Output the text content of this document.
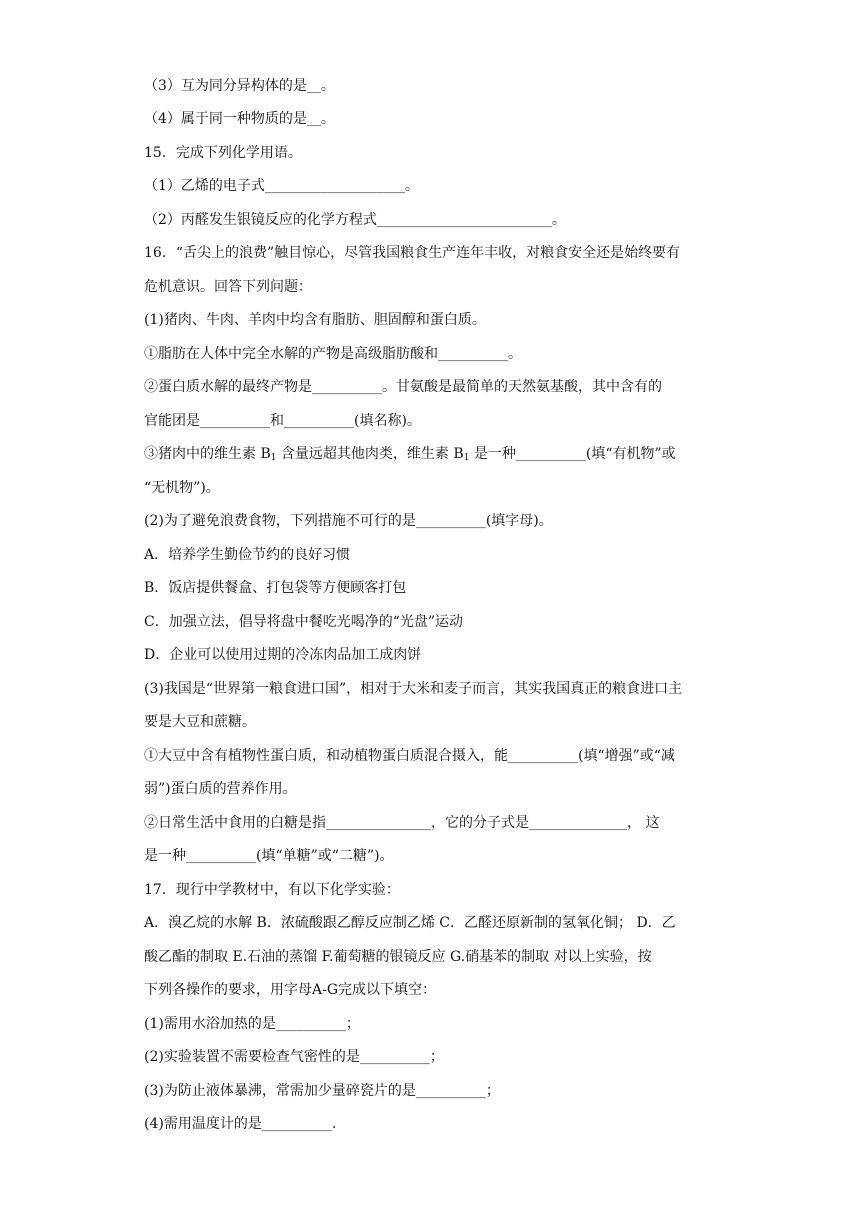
（3）互为同分异构体的是__。
（4）属于同一种物质的是__。
15．完成下列化学用语。
（1）乙烯的电子式____________________。
（2）丙醛发生银镜反应的化学方程式_________________________。
16．“舌尖上的浪费”触目惊心，尽管我国粮食生产连年丰收，对粮食安全还是始终要有
危机意识。回答下列问题：
(1)猪肉、牛肉、羊肉中均含有脂肪、胆固醇和蛋白质。
①脂肪在人体中完全水解的产物是高级脂肪酸和__________。
②蛋白质水解的最终产物是__________。甘氨酸是最简单的天然氨基酸，其中含有的
官能团是__________和__________(填名称)。
③猪肉中的维生素 $B_1$ 含量远超其他肉类，维生素 $B_1$ 是一种__________(填“有机物”或
“无机物”)。
(2)为了避免浪费食物，下列措施不可行的是__________(填字母)。
A．培养学生勤俭节约的良好习惯
B．饭店提供餐盒、打包袋等方便顾客打包
C．加强立法，倡导将盘中餐吃光喝净的“光盘”运动
D．企业可以使用过期的冷冻肉品加工成肉饼
(3)我国是“世界第一粮食进口国”，相对于大米和麦子而言，其实我国真正的粮食进口主
要是大豆和蔗糖。
①大豆中含有植物性蛋白质，和动植物蛋白质混合摄入，能__________(填“增强”或“减
弱”)蛋白质的营养作用。
②日常生活中食用的白糖是指_______________，它的分子式是______________， 这
是一种__________(填“单糖”或“二糖”)。
17．现行中学教材中，有以下化学实验：
A．溴乙烷的水解 B．浓硫酸跟乙醇反应制乙烯 C．乙醛还原新制的氢氧化铜； D．乙
酸乙酯的制取 E.石油的蒸馏 F.葡萄糖的银镜反应 G.硝基苯的制取 对以上实验，按
下列各操作的要求，用字母A-G完成以下填空：
(1)需用水浴加热的是__________；
(2)实验装置不需要检查气密性的是__________；
(3)为防止液体暴沸，常需加少量碎瓷片的是__________；
(4)需用温度计的是__________.
